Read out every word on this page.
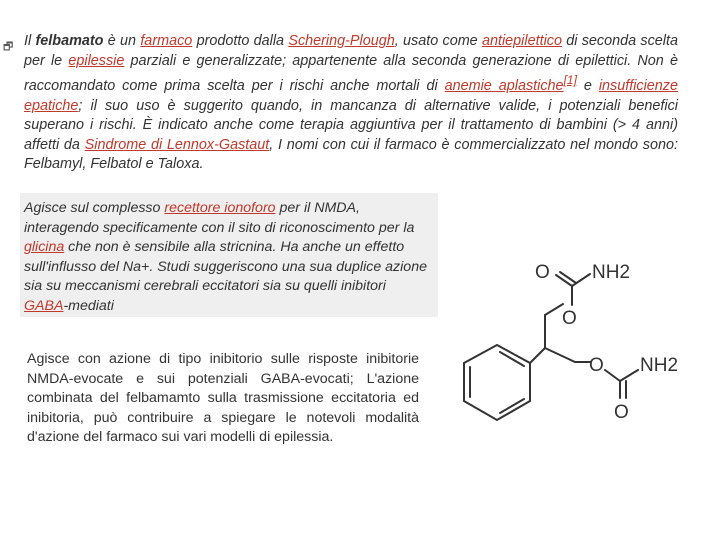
🗗 Il felbamato è un farmaco prodotto dalla Schering-Plough, usato come antiepilettico di seconda scelta per le epilessie parziali e generalizzate; appartenente alla seconda generazione di epilettici. Non è raccomandato come prima scelta per i rischi anche mortali di anemie aplastiche[1] e insufficienze epatiche; il suo uso è suggerito quando, in mancanza di alternative valide, i potenziali benefici superano i rischi. È indicato anche come terapia aggiuntiva per il trattamento di bambini (> 4 anni) affetti da Sindrome di Lennox-Gastaut, I nomi con cui il farmaco è commercializzato nel mondo sono: Felbamyl, Felbatol e Taloxa.

Agisce sul complesso recettore ionoforo per il NMDA, interagendo specificamente con il sito di riconoscimento per la glicina che non è sensibile alla stricnina. Ha anche un effetto sull'influsso del Na+. Studi suggeriscono una sua duplice azione sia su meccanismi cerebrali eccitatori sia su quelli inibitori GABA-mediati

Agisce con azione di tipo inibitorio sulle risposte inibitorie NMDA-evocate e sui potenziali GABA-evocati; L'azione combinata del felbamamto sulla trasmissione eccitatoria ed inibitoria, può contribuire a spiegare le notevoli modalità d'azione del farmaco sui vari modelli di epilessia.

O NH2
O
O NH2
O
